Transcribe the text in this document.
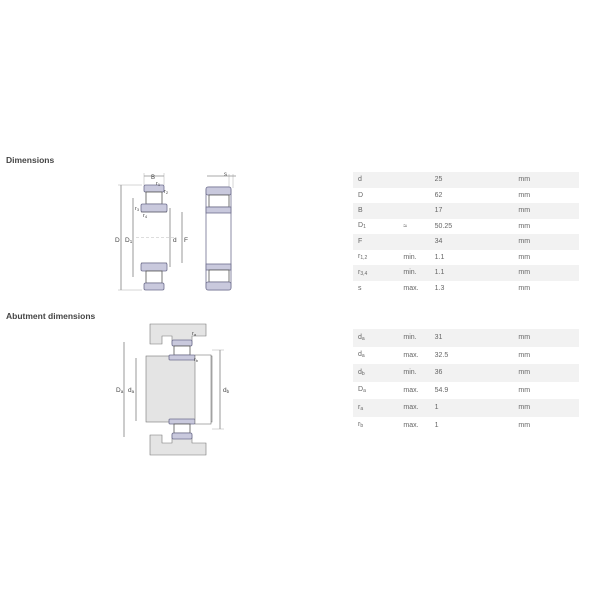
Dimensions
B
r1
r2
r3
r4
D D1	d F
s
d		25	mm
D		62	mm
B		17	mm
$D_1$	≈	50.25	mm
F		34	mm
$r_{1,2}$	min.	1.1	mm
$r_{3,4}$	min.	1.1	mm
s	max.	1.3	mm
Abutment dimensions
Da da	db
ra
rb
$d_a$	min.	31	mm
$d_a$	max.	32.5	mm
$d_b$	min.	36	mm
$D_a$	max.	54.9	mm
$r_a$	max.	1	mm
$r_b$	max.	1	mm
